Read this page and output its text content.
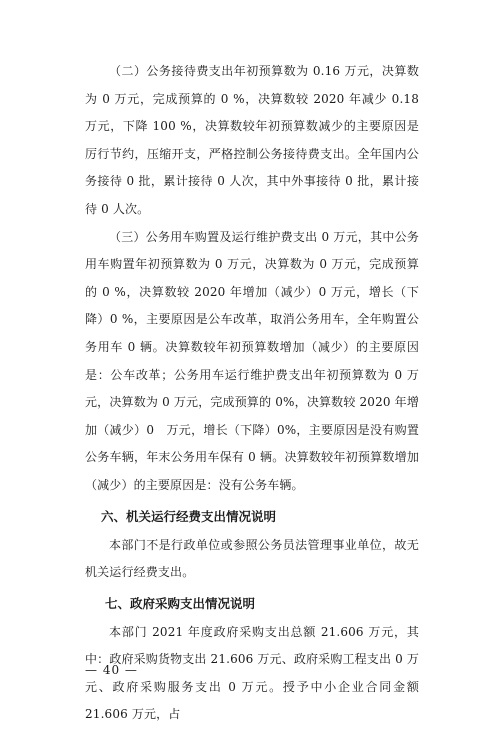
（二）公务接待费支出年初预算数为 0.16 万元，决算数为 0 万元，完成预算的 0 %，决算数较 2020 年减少 0.18 万元，下降 100 %，决算数较年初预算数减少的主要原因是厉行节约，压缩开支，严格控制公务接待费支出。全年国内公务接待 0 批，累计接待 0 人次，其中外事接待 0 批，累计接待 0 人次。

（三）公务用车购置及运行维护费支出 0 万元，其中公务用车购置年初预算数为 0 万元，决算数为 0 万元，完成预算的 0 %，决算数较 2020 年增加（减少）0 万元，增长（下降）0 %，主要原因是公车改革，取消公务用车，全年购置公务用车 0 辆。决算数较年初预算数增加（减少）的主要原因是：公车改革；公务用车运行维护费支出年初预算数为 0 万元，决算数为 0 万元，完成预算的 0%，决算数较 2020 年增加（减少）0　万元，增长（下降）0%，主要原因是没有购置公务车辆，年末公务用车保有 0 辆。决算数较年初预算数增加（减少）的主要原因是：没有公务车辆。

六、机关运行经费支出情况说明

本部门不是行政单位或参照公务员法管理事业单位，故无机关运行经费支出。

七、政府采购支出情况说明

本部门 2021 年度政府采购支出总额 21.606 万元，其中：政府采购货物支出 21.606 万元、政府采购工程支出 0 万元、政府采购服务支出 0 万元。授予中小企业合同金额 21.606 万元，占

— 40 —
